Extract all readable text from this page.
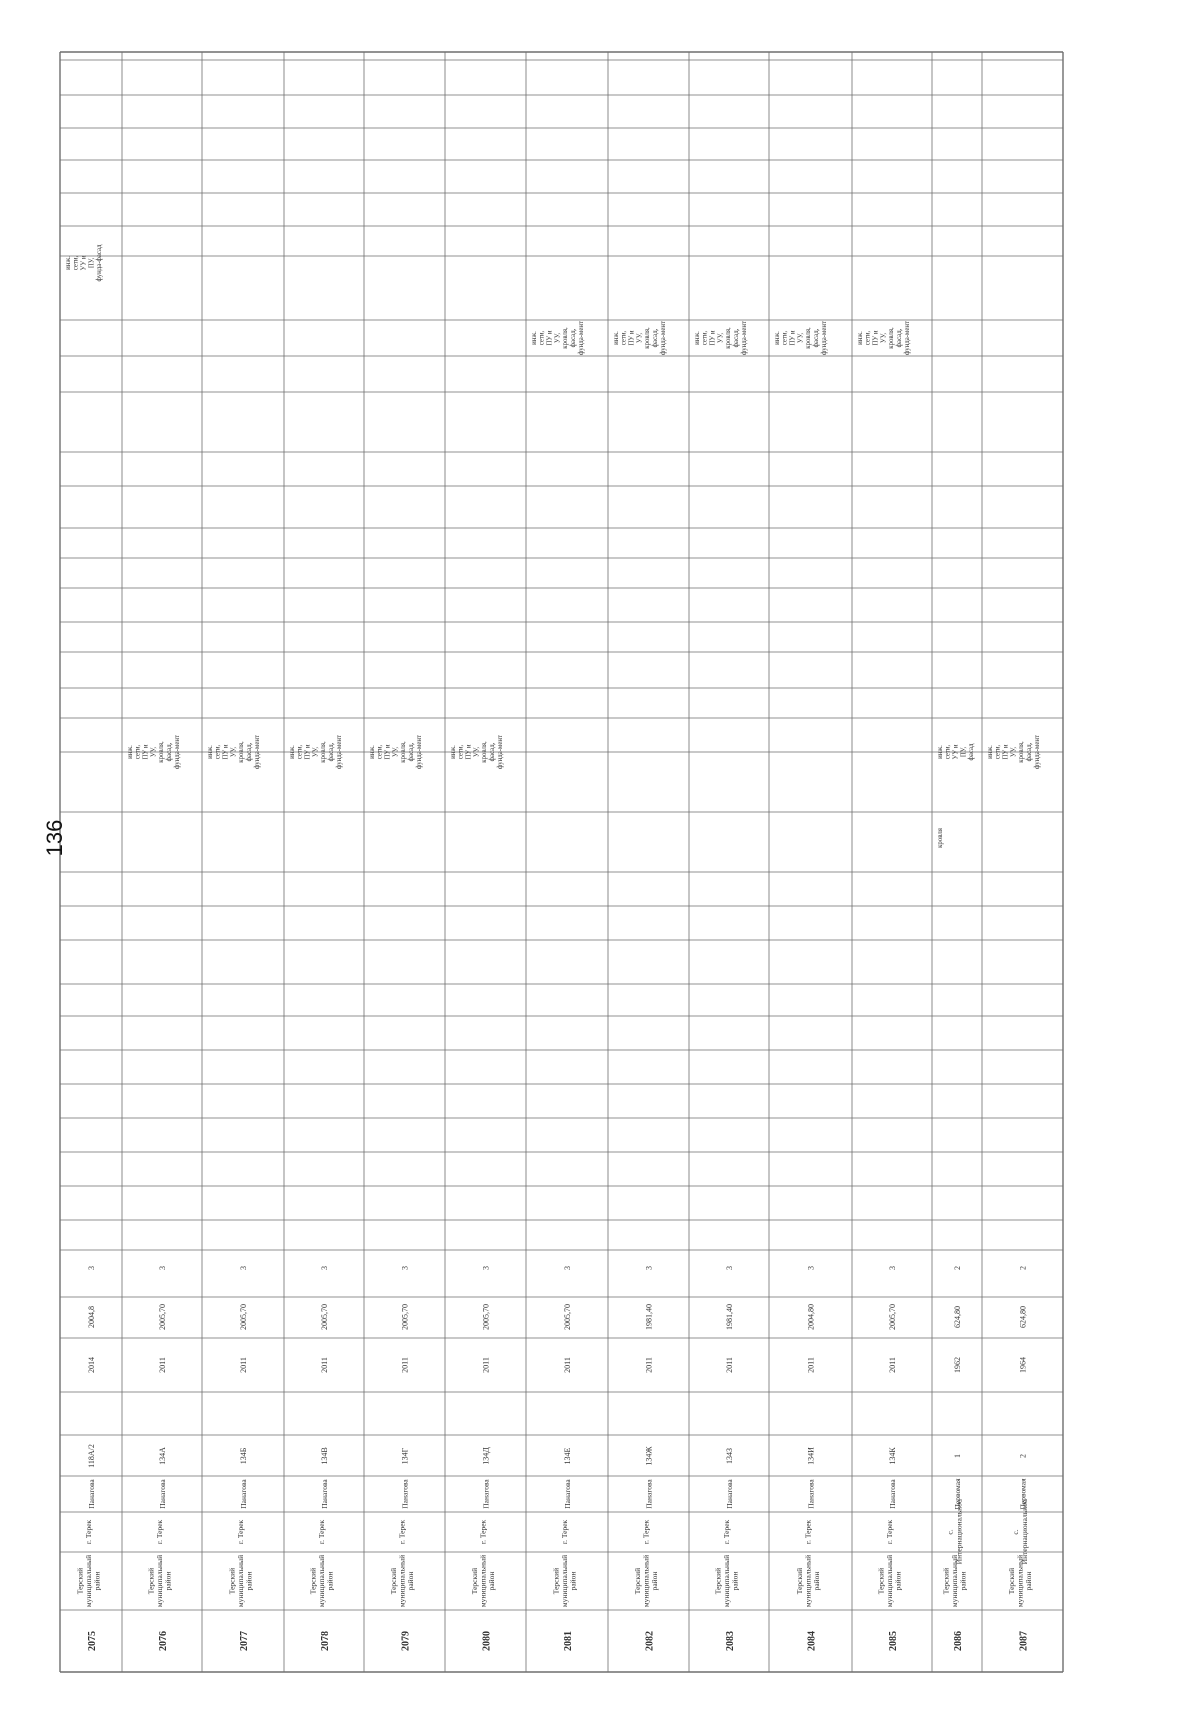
2075
Терскиймуниципальныйрайон
г. Терек
Панагова
118А/2
2014
2004,8
3
инж.сети,УУ иПУ,фунда-фасад
2076
Терскиймуниципальныйрайон
г. Терек
Панагова
134А
2011
2005,70
3
инж.сети,ПУ иУУ,кровля,фасад,фунда-мент
2077
Терскиймуниципальныйрайон
г. Терек
Панагова
134Б
2011
2005,70
3
инж.сети,ПУ иУУ,кровля,фасад,фунда-мент
2078
Терскиймуниципальныйрайон
г. Терек
Панагова
134В
2011
2005,70
3
инж.сети,ПУ иУУ,кровля,фасад,фунда-мент
2079
Терскиймуниципальныйрайон
г. Терек
Панагова
134Г
2011
2005,70
3
инж.сети,ПУ иУУ,кровля,фасад,фунда-мент
2080
Терскиймуниципальныйрайон
г. Терек
Панагова
134Д
2011
2005,70
3
инж.сети,ПУ иУУ,кровля,фасад,фунда-мент
2081
Терскиймуниципальныйрайон
г. Терек
Панагова
134Е
2011
2005,70
3
инж.сети,ПУ иУУ,кровля,фасад,фунда-мент
2082
Терскиймуниципальныйрайон
г. Терек
Панагова
134Ж
2011
1981,40
3
инж.сети,ПУ иУУ,кровля,фасад,фунда-мент
2083
Терскиймуниципальныйрайон
г. Терек
Панагова
134З
2011
1981,40
3
инж.сети,ПУ иУУ,кровля,фасад,фунда-мент
2084
Терскиймуниципальныйрайон
г. Терек
Панагова
134И
2011
2004,80
3
инж.сети,ПУ иУУ,кровля,фасад,фунда-мент
2085
Терскиймуниципальныйрайон
г. Терек
Панагова
134К
2011
2005,70
3
инж.сети,ПУ иУУ,кровля,фасад,фунда-мент
2086
Терскиймуниципальныйрайон
с.Интернациональное
Первомая
1
1962
624,80
2
кровля
инж.сети,УУ иПУ,фасад
2087
Терскиймуниципальныйрайон
с.Интернациональное
Первомая
2
1964
624,80
2
инж.сети,ПУ иУУ,кровля,фасад,фунда-мент
136
